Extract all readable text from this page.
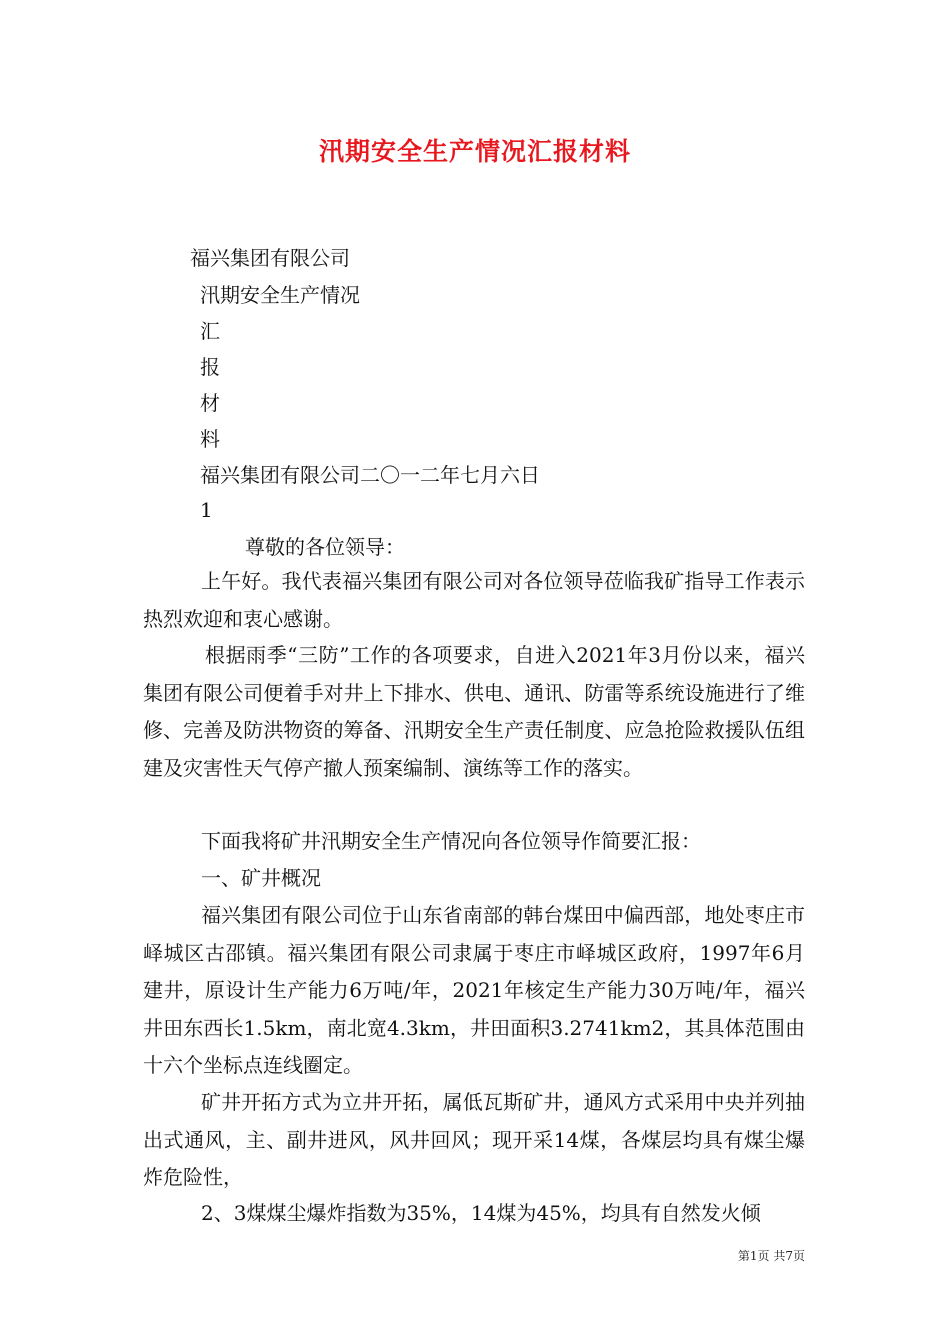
汛期安全生产情况汇报材料
福兴集团有限公司
汛期安全生产情况
汇
报
材
料
福兴集团有限公司二〇一二年七月六日
1
尊敬的各位领导：
上午好。我代表福兴集团有限公司对各位领导莅临我矿指导工作表示热烈欢迎和衷心感谢。
根据雨季“三防”工作的各项要求，自进入2021年3月份以来，福兴集团有限公司便着手对井上下排水、供电、通讯、防雷等系统设施进行了维修、完善及防洪物资的筹备、汛期安全生产责任制度、应急抢险救援队伍组建及灾害性天气停产撤人预案编制、演练等工作的落实。
下面我将矿井汛期安全生产情况向各位领导作简要汇报：
一、矿井概况
福兴集团有限公司位于山东省南部的韩台煤田中偏西部，地处枣庄市峄城区古邵镇。福兴集团有限公司隶属于枣庄市峄城区政府，1997年6月建井，原设计生产能力6万吨/年，2021年核定生产能力30万吨/年，福兴井田东西长1.5km，南北宽4.3km，井田面积3.2741km2，其具体范围由十六个坐标点连线圈定。
矿井开拓方式为立井开拓，属低瓦斯矿井，通风方式采用中央并列抽出式通风，主、副井进风，风井回风；现开采14煤，各煤层均具有煤尘爆炸危险性，
2、3煤煤尘爆炸指数为35%，14煤为45%，均具有自然发火倾
第1页 共7页
